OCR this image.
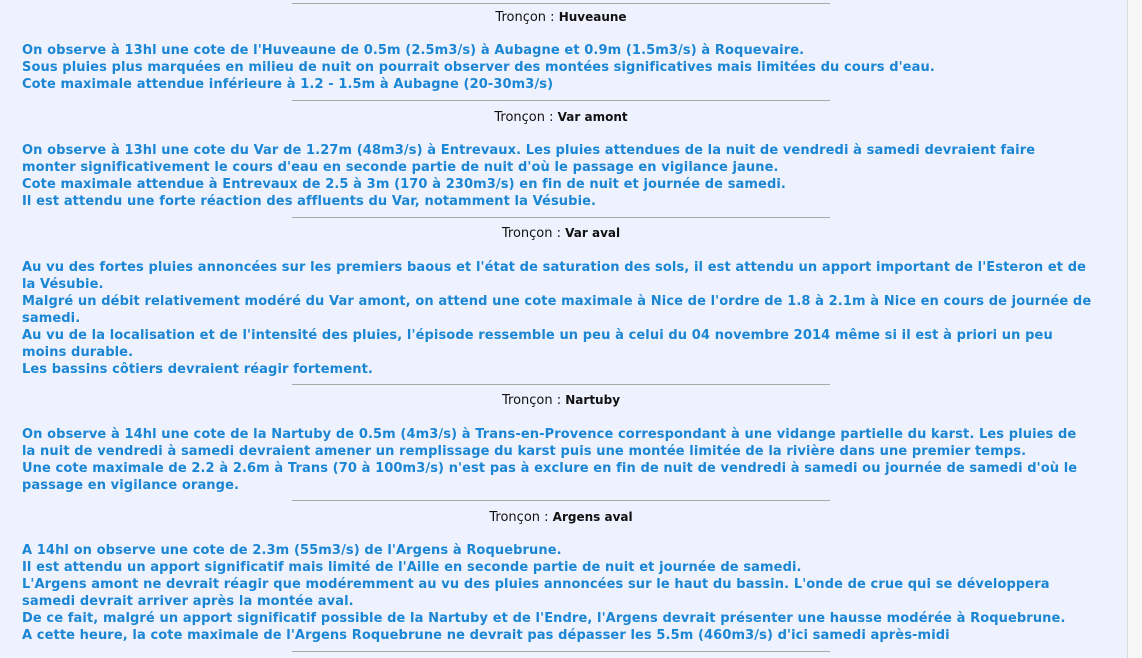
Tronçon : Huveaune
On observe à 13hl une cote de l'Huveaune de 0.5m (2.5m3/s) à Aubagne et 0.9m (1.5m3/s) à Roquevaire.
Sous pluies plus marquées en milieu de nuit on pourrait observer des montées significatives mais limitées du cours d'eau.
Cote maximale attendue inférieure à 1.2 - 1.5m à Aubagne (20-30m3/s)
Tronçon : Var amont
On observe à 13hl une cote du Var de 1.27m (48m3/s) à Entrevaux. Les pluies attendues de la nuit de vendredi à samedi devraient faire
monter significativement le cours d'eau en seconde partie de nuit d'où le passage en vigilance jaune.
Cote maximale attendue à Entrevaux de 2.5 à 3m (170 à 230m3/s) en fin de nuit et journée de samedi.
Il est attendu une forte réaction des affluents du Var, notamment la Vésubie.
Tronçon : Var aval
Au vu des fortes pluies annoncées sur les premiers baous et l'état de saturation des sols, il est attendu un apport important de l'Esteron et de
la Vésubie.
Malgré un débit relativement modéré du Var amont, on attend une cote maximale à Nice de l'ordre de 1.8 à 2.1m à Nice en cours de journée de
samedi.
Au vu de la localisation et de l'intensité des pluies, l'épisode ressemble un peu à celui du 04 novembre 2014 même si il est à priori un peu
moins durable.
Les bassins côtiers devraient réagir fortement.
Tronçon : Nartuby
On observe à 14hl une cote de la Nartuby de 0.5m (4m3/s) à Trans-en-Provence correspondant à une vidange partielle du karst. Les pluies de
la nuit de vendredi à samedi devraient amener un remplissage du karst puis une montée limitée de la rivière dans une premier temps.
Une cote maximale de 2.2 à 2.6m à Trans (70 à 100m3/s) n'est pas à exclure en fin de nuit de vendredi à samedi ou journée de samedi d'où le
passage en vigilance orange.
Tronçon : Argens aval
A 14hl on observe une cote de 2.3m (55m3/s) de l'Argens à Roquebrune.
Il est attendu un apport significatif mais limité de l'Aille en seconde partie de nuit et journée de samedi.
L'Argens amont ne devrait réagir que modéremment au vu des pluies annoncées sur le haut du bassin. L'onde de crue qui se développera
samedi devrait arriver après la montée aval.
De ce fait, malgré un apport significatif possible de la Nartuby et de l'Endre, l'Argens devrait présenter une hausse modérée à Roquebrune.
A cette heure, la cote maximale de l'Argens Roquebrune ne devrait pas dépasser les 5.5m (460m3/s) d'ici samedi après-midi
